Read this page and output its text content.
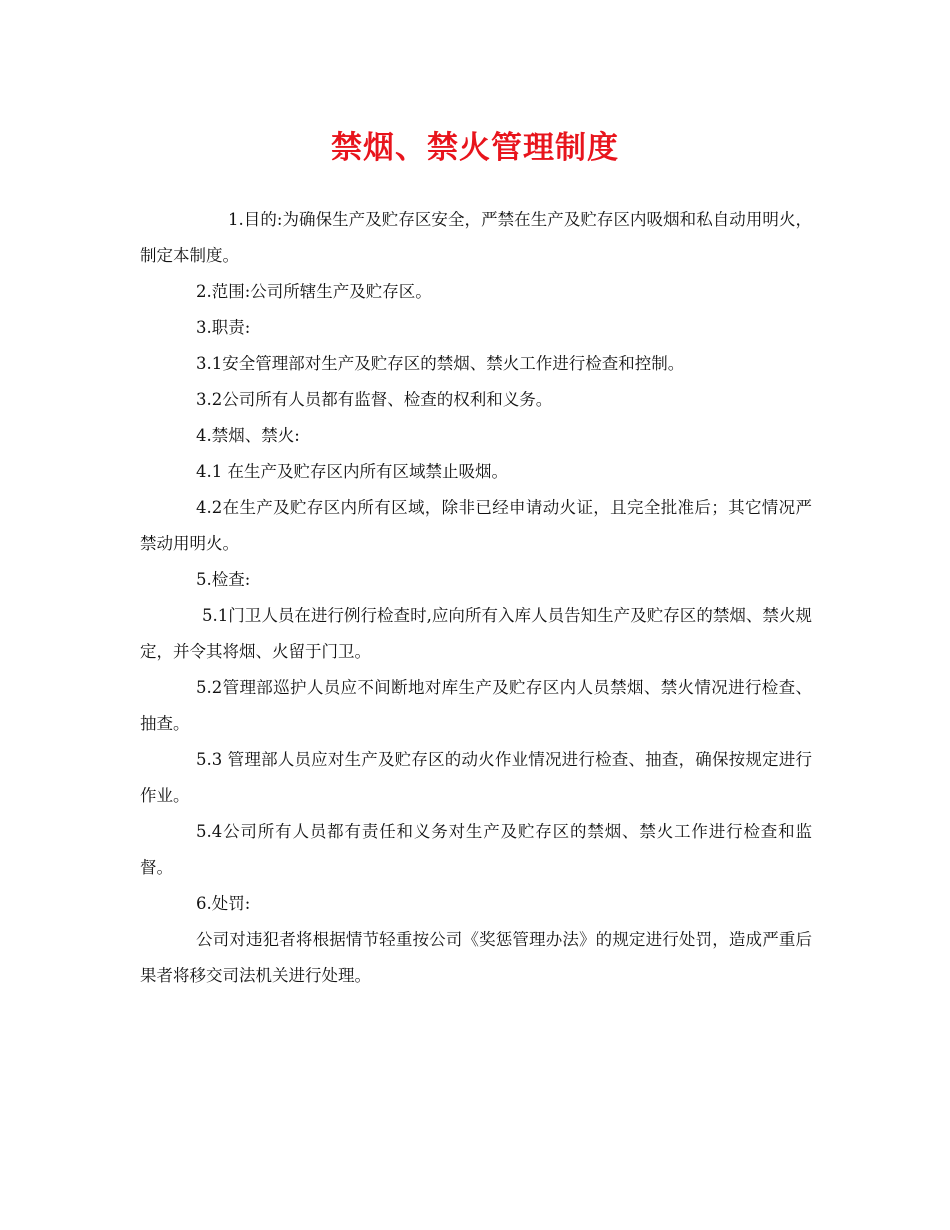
禁烟、禁火管理制度

1.目的:为确保生产及贮存区安全，严禁在生产及贮存区内吸烟和私自动用明火，制定本制度。

2.范围:公司所辖生产及贮存区。

3.职责:

3.1安全管理部对生产及贮存区的禁烟、禁火工作进行检查和控制。

3.2公司所有人员都有监督、检查的权利和义务。

4.禁烟、禁火:

4.1 在生产及贮存区内所有区域禁止吸烟。

4.2在生产及贮存区内所有区域，除非已经申请动火证，且完全批准后；其它情况严禁动用明火。

5.检查:

5.1门卫人员在进行例行检查时,应向所有入库人员告知生产及贮存区的禁烟、禁火规定，并令其将烟、火留于门卫。

5.2管理部巡护人员应不间断地对库生产及贮存区内人员禁烟、禁火情况进行检查、抽查。

5.3 管理部人员应对生产及贮存区的动火作业情况进行检查、抽查，确保按规定进行作业。

5.4公司所有人员都有责任和义务对生产及贮存区的禁烟、禁火工作进行检查和监督。

6.处罚:

公司对违犯者将根据情节轻重按公司《奖惩管理办法》的规定进行处罚，造成严重后果者将移交司法机关进行处理。
